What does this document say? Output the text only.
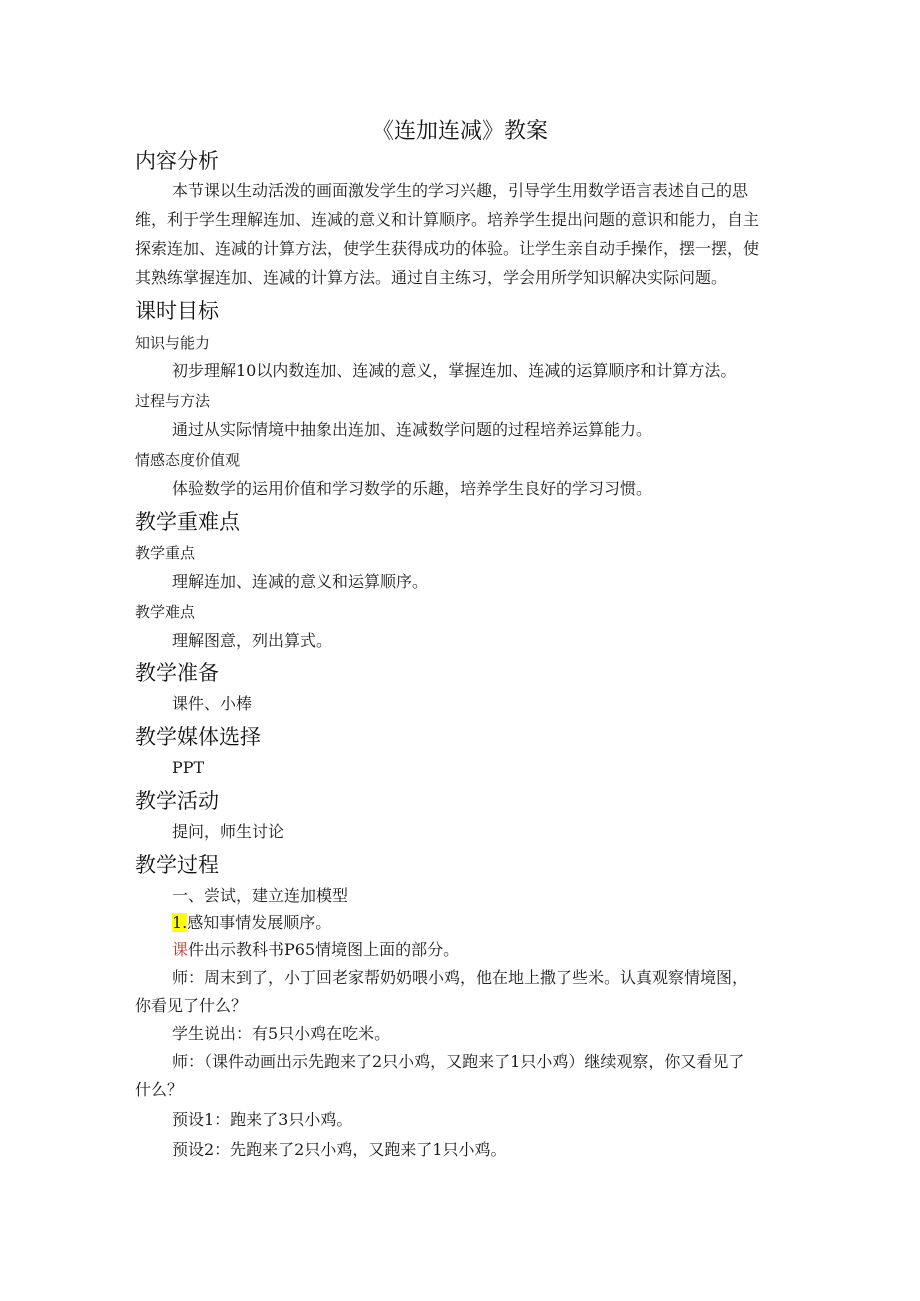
《连加连减》教案
内容分析
本节课以生动活泼的画面激发学生的学习兴趣，引导学生用数学语言表述自己的思
维，利于学生理解连加、连减的意义和计算顺序。培养学生提出问题的意识和能力，自主
探索连加、连减的计算方法，使学生获得成功的体验。让学生亲自动手操作，摆一摆，使
其熟练掌握连加、连减的计算方法。通过自主练习，学会用所学知识解决实际问题。
课时目标
知识与能力
初步理解10以内数连加、连减的意义，掌握连加、连减的运算顺序和计算方法。
过程与方法
通过从实际情境中抽象出连加、连减数学问题的过程培养运算能力。
情感态度价值观
体验数学的运用价值和学习数学的乐趣，培养学生良好的学习习惯。
教学重难点
教学重点
理解连加、连减的意义和运算顺序。
教学难点
理解图意，列出算式。
教学准备
课件、小棒
教学媒体选择
PPT
教学活动
提问，师生讨论
教学过程
一、尝试，建立连加模型
1.感知事情发展顺序。
课件出示教科书P65情境图上面的部分。
师：周末到了，小丁回老家帮奶奶喂小鸡，他在地上撒了些米。认真观察情境图，
你看见了什么？
学生说出：有5只小鸡在吃米。
师：（课件动画出示先跑来了2只小鸡，又跑来了1只小鸡）继续观察，你又看见了
什么？
预设1：跑来了3只小鸡。
预设2：先跑来了2只小鸡，又跑来了1只小鸡。
